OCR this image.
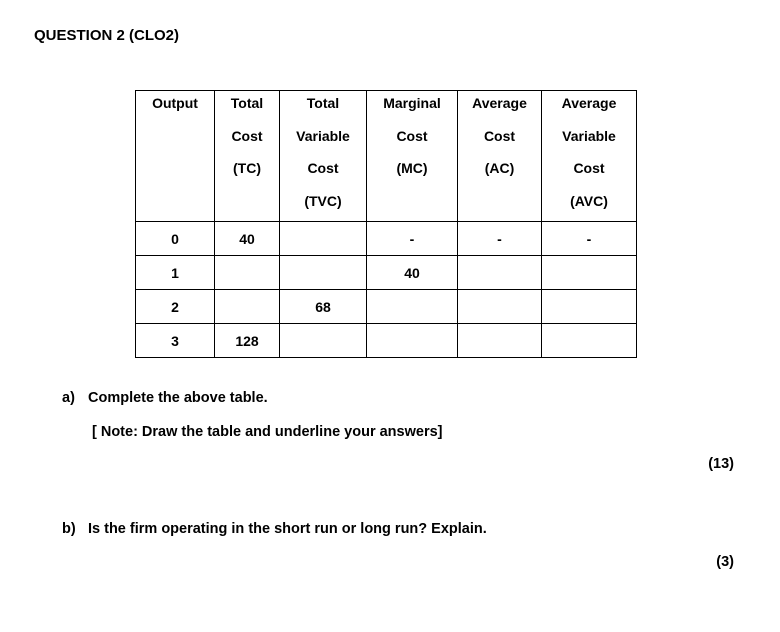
QUESTION 2 (CLO2)
Output	Total
Cost
(TC)	Total
Variable
Cost
(TVC)	Marginal
Cost
(MC)	Average
Cost
(AC)	Average
Variable
Cost
(AVC)

0	40		-	-	-
1			40		
2		68			
3	128				
a) Complete the above table.
[ Note: Draw the table and underline your answers]
(13)
b) Is the firm operating in the short run or long run? Explain.
(3)
